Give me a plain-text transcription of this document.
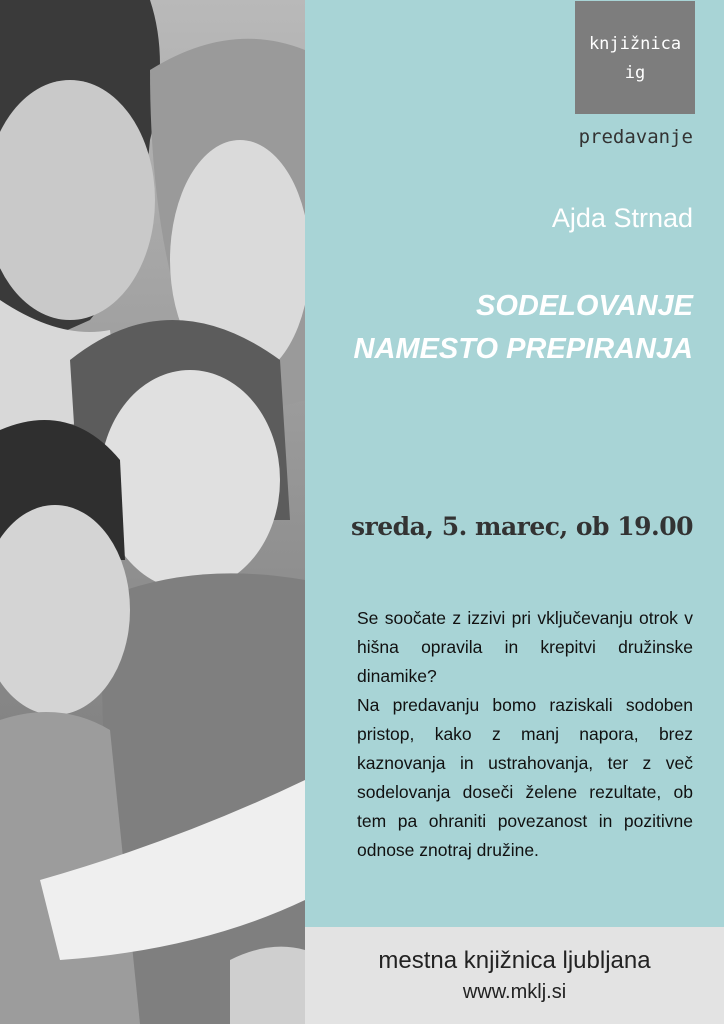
knjižnica
ig
predavanje
Ajda Strnad
SODELOVANJE
NAMESTO PREPIRANJA
sreda, 5. marec, ob 19.00

Se soočate z izzivi pri vključevanju otrok v hišna opravila in krepitvi družinske dinamike?

Na predavanju bomo raziskali sodoben pristop, kako z manj napora, brez kaznovanja in ustrahovanja, ter z več sodelovanja doseči želene rezultate, ob tem pa ohraniti povezanost in pozitivne odnose znotraj družine.

mestna knjižnica ljubljana
www.mklj.si
